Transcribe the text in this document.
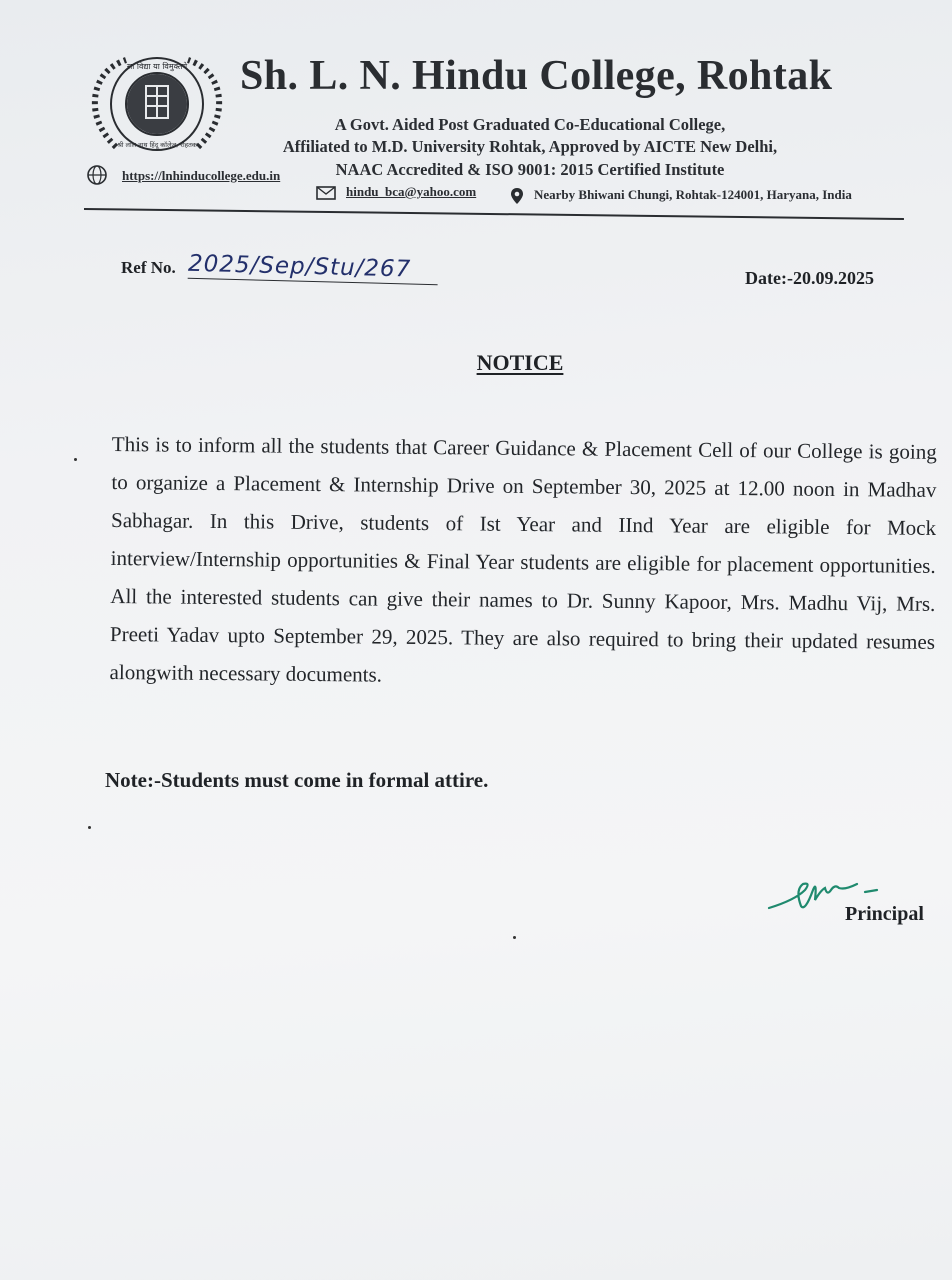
सा विद्या या विमुक्तये
श्री लाल नाथ हिंदू कॉलेज, रोहतक
Sh. L. N. Hindu College, Rohtak
A Govt. Aided Post Graduated Co-Educational College,
Affiliated to M.D. University Rohtak, Approved by AICTE New Delhi,
NAAC Accredited & ISO 9001: 2015 Certified Institute
https://lnhinducollege.edu.in
hindu_bca@yahoo.com	Nearby Bhiwani Chungi, Rohtak-124001, Haryana, India
Ref No. 2025/Sep/Stu/267	Date:-20.09.2025
NOTICE

This is to inform all the students that Career Guidance & Placement Cell of our College is going to organize a Placement & Internship Drive on September 30, 2025 at 12.00 noon in Madhav Sabhagar. In this Drive, students of Ist Year and IInd Year are eligible for Mock interview/Internship opportunities & Final Year students are eligible for placement opportunities. All the interested students can give their names to Dr. Sunny Kapoor, Mrs. Madhu Vij, Mrs. Preeti Yadav upto September 29, 2025. They are also required to bring their updated resumes alongwith necessary documents.

Note:-Students must come in formal attire.
Principal
